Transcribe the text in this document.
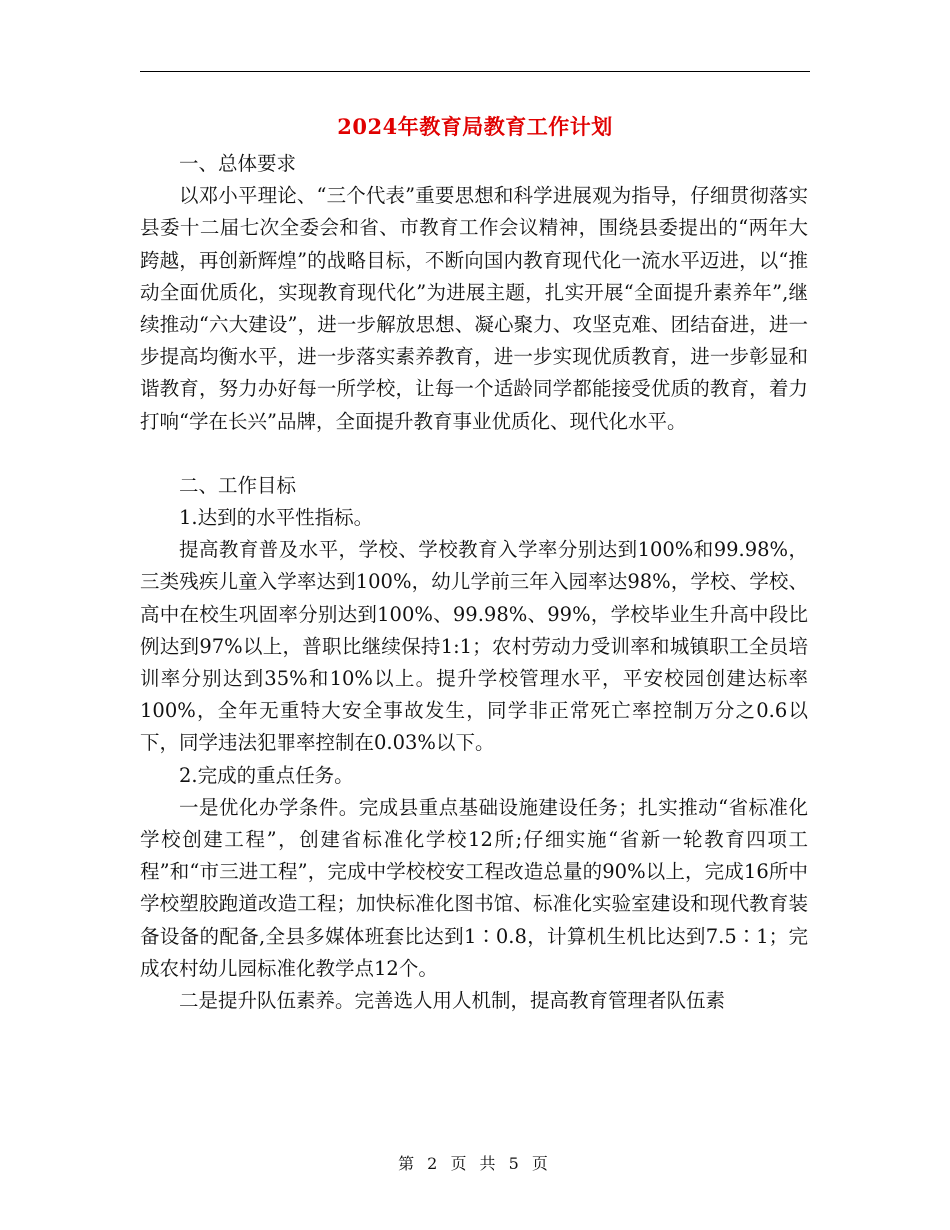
2024年教育局教育工作计划

一、总体要求

以邓小平理论、“三个代表”重要思想和科学进展观为指导，仔细贯彻落实县委十二届七次全委会和省、市教育工作会议精神，围绕县委提出的“两年大跨越，再创新辉煌”的战略目标，不断向国内教育现代化一流水平迈进，以“推动全面优质化，实现教育现代化”为进展主题，扎实开展“全面提升素养年”,继续推动“六大建设”，进一步解放思想、凝心聚力、攻坚克难、团结奋进，进一步提高均衡水平，进一步落实素养教育，进一步实现优质教育，进一步彰显和谐教育，努力办好每一所学校，让每一个适龄同学都能接受优质的教育，着力打响“学在长兴”品牌，全面提升教育事业优质化、现代化水平。

二、工作目标

1.达到的水平性指标。

提高教育普及水平，学校、学校教育入学率分别达到100%和99.98%，三类残疾儿童入学率达到100%，幼儿学前三年入园率达98%，学校、学校、高中在校生巩固率分别达到100%、99.98%、99%，学校毕业生升高中段比例达到97%以上，普职比继续保持1:1；农村劳动力受训率和城镇职工全员培训率分别达到35%和10%以上。提升学校管理水平，平安校园创建达标率100%，全年无重特大安全事故发生，同学非正常死亡率控制万分之0.6以下，同学违法犯罪率控制在0.03%以下。

2.完成的重点任务。

一是优化办学条件。完成县重点基础设施建设任务；扎实推动“省标准化学校创建工程”，创建省标准化学校12所;仔细实施“省新一轮教育四项工程”和“市三进工程”，完成中学校校安工程改造总量的90%以上，完成16所中学校塑胶跑道改造工程；加快标准化图书馆、标准化实验室建设和现代教育装备设备的配备,全县多媒体班套比达到1∶0.8，计算机生机比达到7.5∶1；完成农村幼儿园标准化教学点12个。

二是提升队伍素养。完善选人用人机制，提高教育管理者队伍素

第 2 页 共 5 页
